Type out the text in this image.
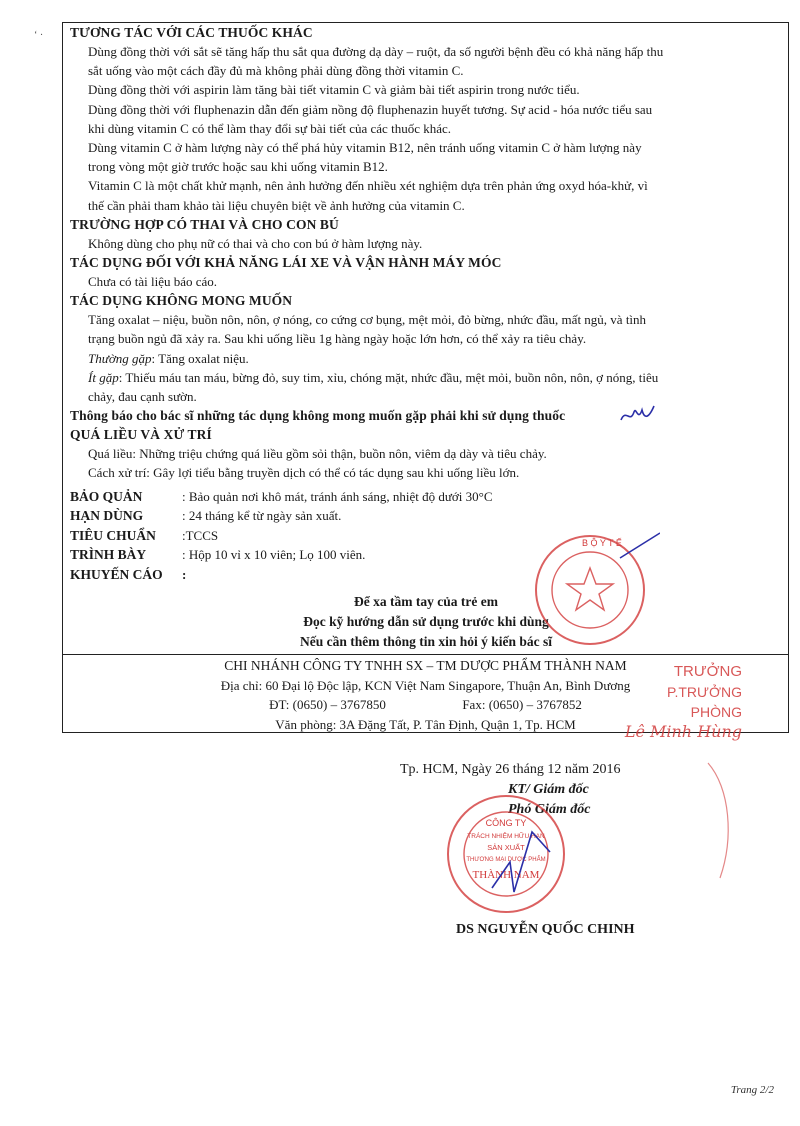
‘ · TƯƠNG TÁC VỚI CÁC THUỐC KHÁC
Dùng đồng thời với sắt sẽ tăng hấp thu sắt qua đường dạ dày – ruột, đa số người bệnh đều có khả năng hấp thu
sắt uống vào một cách đầy đủ mà không phải dùng đồng thời vitamin C.
Dùng đồng thời với aspirin làm tăng bài tiết vitamin C và giảm bài tiết aspirin trong nước tiểu.
Dùng đồng thời với fluphenazin dẫn đến giảm nồng độ fluphenazin huyết tương. Sự acid - hóa nước tiểu sau
khi dùng vitamin C có thể làm thay đổi sự bài tiết của các thuốc khác.
Dùng vitamin C ở hàm lượng này có thể phá hủy vitamin B12, nên tránh uống vitamin C ở hàm lượng này
trong vòng một giờ trước hoặc sau khi uống vitamin B12.
Vitamin C là một chất khử mạnh, nên ảnh hưởng đến nhiều xét nghiệm dựa trên phản ứng oxyd hóa-khử, vì
thế cần phải tham khảo tài liệu chuyên biệt về ảnh hưởng của vitamin C.
TRƯỜNG HỢP CÓ THAI VÀ CHO CON BÚ
Không dùng cho phụ nữ có thai và cho con bú ở hàm lượng này.
TÁC DỤNG ĐỐI VỚI KHẢ NĂNG LÁI XE VÀ VẬN HÀNH MÁY MÓC
Chưa có tài liệu báo cáo.
TÁC DỤNG KHÔNG MONG MUỐN
Tăng oxalat – niệu, buồn nôn, nôn, ợ nóng, co cứng cơ bụng, mệt mỏi, đỏ bừng, nhức đầu, mất ngủ, và tình
trạng buồn ngủ đã xảy ra. Sau khi uống liều 1g hàng ngày hoặc lớn hơn, có thể xảy ra tiêu chảy.
Thường gặp: Tăng oxalat niệu.
Ít gặp: Thiếu máu tan máu, bừng đỏ, suy tim, xỉu, chóng mặt, nhức đầu, mệt mỏi, buồn nôn, nôn, ợ nóng, tiêu
chảy, đau cạnh sườn.
Thông báo cho bác sĩ những tác dụng không mong muốn gặp phải khi sử dụng thuốc
QUÁ LIỀU VÀ XỬ TRÍ
Quá liều: Những triệu chứng quá liều gồm sỏi thận, buồn nôn, viêm dạ dày và tiêu chảy.
Cách xử trí: Gây lợi tiểu bằng truyền dịch có thể có tác dụng sau khi uống liều lớn.
BẢO QUẢN	: Bảo quản nơi khô mát, tránh ánh sáng, nhiệt độ dưới 30°C
HẠN DÙNG	: 24 tháng kể từ ngày sản xuất.
TIÊU CHUẨN	:TCCS
TRÌNH BÀY	: Hộp 10 vỉ x 10 viên; Lọ 100 viên.
KHUYẾN CÁO	:
Để xa tầm tay của trẻ em
Đọc kỹ hướng dẫn sử dụng trước khi dùng
Nếu cần thêm thông tin xin hỏi ý kiến bác sĩ
CHI NHÁNH CÔNG TY TNHH SX – TM DƯỢC PHẨM THÀNH NAM
Địa chỉ: 60 Đại lộ Độc lập, KCN Việt Nam Singapore, Thuận An, Bình Dương
ĐT: (0650) – 3767850	Fax: (0650) – 3767852
Văn phòng: 3A Đặng Tất, P. Tân Định, Quận 1, Tp. HCM
B Ộ Y T Ế
TRƯỞNG
P.TRƯỞNG PHÒNG
Lê Minh Hùng
Tp. HCM, Ngày 26 tháng 12 năm 2016
KT/ Giám đốc
Phó Giám đốc
CÔNG TY
TRÁCH NHIỆM HỮU HẠN
SẢN XUẤT
THƯƠNG MẠI DƯỢC PHẨM
THÀNH NAM
DS NGUYỄN QUỐC CHINH
Trang 2/2
